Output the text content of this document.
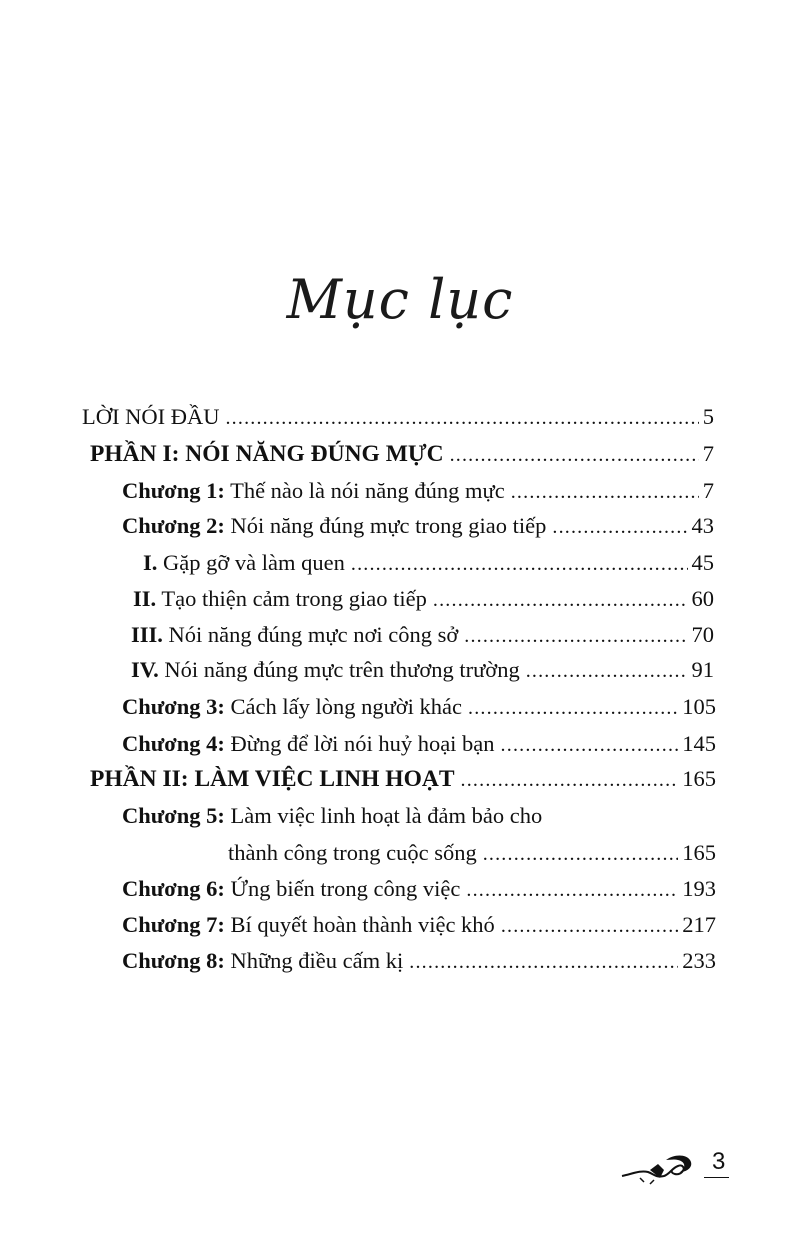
Mục lục
LỜI NÓI ĐẦU .....	5
PHẦN I: NÓI NĂNG ĐÚNG MỰC .....	7
Chương 1: Thế nào là nói năng đúng mực .....	7
Chương 2: Nói năng đúng mực trong giao tiếp .....	43
I. Gặp gỡ và làm quen .....	45
II. Tạo thiện cảm trong giao tiếp .....	60
III. Nói năng đúng mực nơi công sở .....	70
IV. Nói năng đúng mực trên thương trường .....	91
Chương 3: Cách lấy lòng người khác .....	105
Chương 4: Đừng để lời nói huỷ hoại bạn .....	145
PHẦN II: LÀM VIỆC LINH HOẠT .....	165
Chương 5: Làm việc linh hoạt là đảm bảo cho
thành công trong cuộc sống .....	165
Chương 6: Ứng biến trong công việc .....	193
Chương 7: Bí quyết hoàn thành việc khó .....	217
Chương 8: Những điều cấm kị .....	233
3
